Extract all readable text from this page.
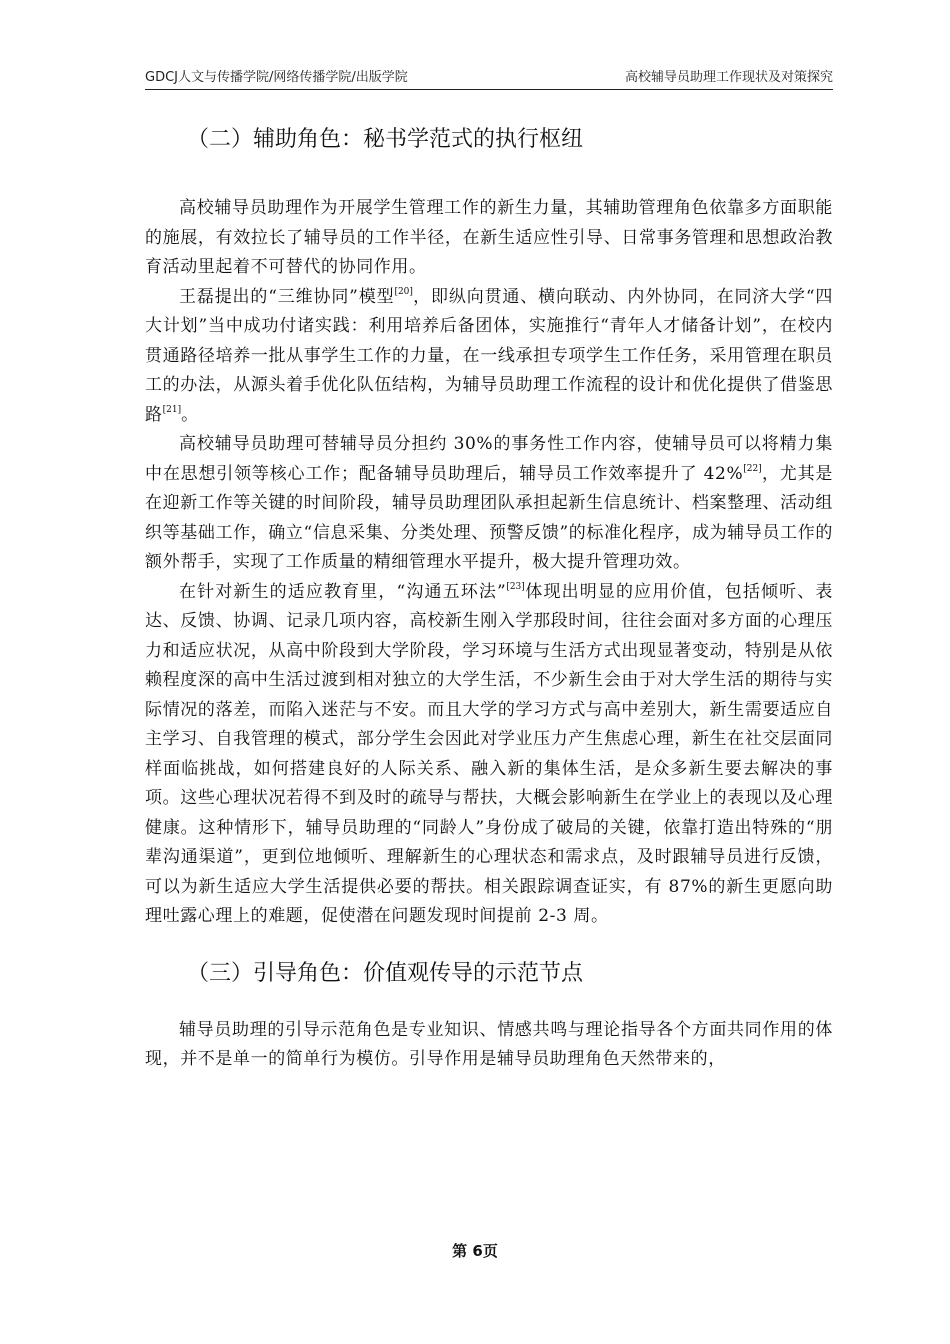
GDCJ人文与传播学院/网络传播学院/出版学院	高校辅导员助理工作现状及对策探究
（二）辅助角色：秘书学范式的执行枢纽

高校辅导员助理作为开展学生管理工作的新生力量，其辅助管理角色依靠多方面职能的施展，有效拉长了辅导员的工作半径，在新生适应性引导、日常事务管理和思想政治教育活动里起着不可替代的协同作用。

王磊提出的“三维协同”模型[20]，即纵向贯通、横向联动、内外协同，在同济大学“四大计划”当中成功付诸实践：利用培养后备团体，实施推行“青年人才储备计划”，在校内贯通路径培养一批从事学生工作的力量，在一线承担专项学生工作任务，采用管理在职员工的办法，从源头着手优化队伍结构，为辅导员助理工作流程的设计和优化提供了借鉴思路[21]。

高校辅导员助理可替辅导员分担约 30%的事务性工作内容，使辅导员可以将精力集中在思想引领等核心工作；配备辅导员助理后，辅导员工作效率提升了 42%[22]，尤其是在迎新工作等关键的时间阶段，辅导员助理团队承担起新生信息统计、档案整理、活动组织等基础工作，确立“信息采集、分类处理、预警反馈”的标准化程序，成为辅导员工作的额外帮手，实现了工作质量的精细管理水平提升，极大提升管理功效。

在针对新生的适应教育里，“沟通五环法”[23]体现出明显的应用价值，包括倾听、表达、反馈、协调、记录几项内容，高校新生刚入学那段时间，往往会面对多方面的心理压力和适应状况，从高中阶段到大学阶段，学习环境与生活方式出现显著变动，特别是从依赖程度深的高中生活过渡到相对独立的大学生活，不少新生会由于对大学生活的期待与实际情况的落差，而陷入迷茫与不安。而且大学的学习方式与高中差别大，新生需要适应自主学习、自我管理的模式，部分学生会因此对学业压力产生焦虑心理，新生在社交层面同样面临挑战，如何搭建良好的人际关系、融入新的集体生活，是众多新生要去解决的事项。这些心理状况若得不到及时的疏导与帮扶，大概会影响新生在学业上的表现以及心理健康。这种情形下，辅导员助理的“同龄人”身份成了破局的关键，依靠打造出特殊的“朋辈沟通渠道”，更到位地倾听、理解新生的心理状态和需求点，及时跟辅导员进行反馈，可以为新生适应大学生活提供必要的帮扶。相关跟踪调查证实，有 87%的新生更愿向助理吐露心理上的难题，促使潜在问题发现时间提前 2-3 周。

（三）引导角色：价值观传导的示范节点

辅导员助理的引导示范角色是专业知识、情感共鸣与理论指导各个方面共同作用的体现，并不是单一的简单行为模仿。引导作用是辅导员助理角色天然带来的，

第 6页
